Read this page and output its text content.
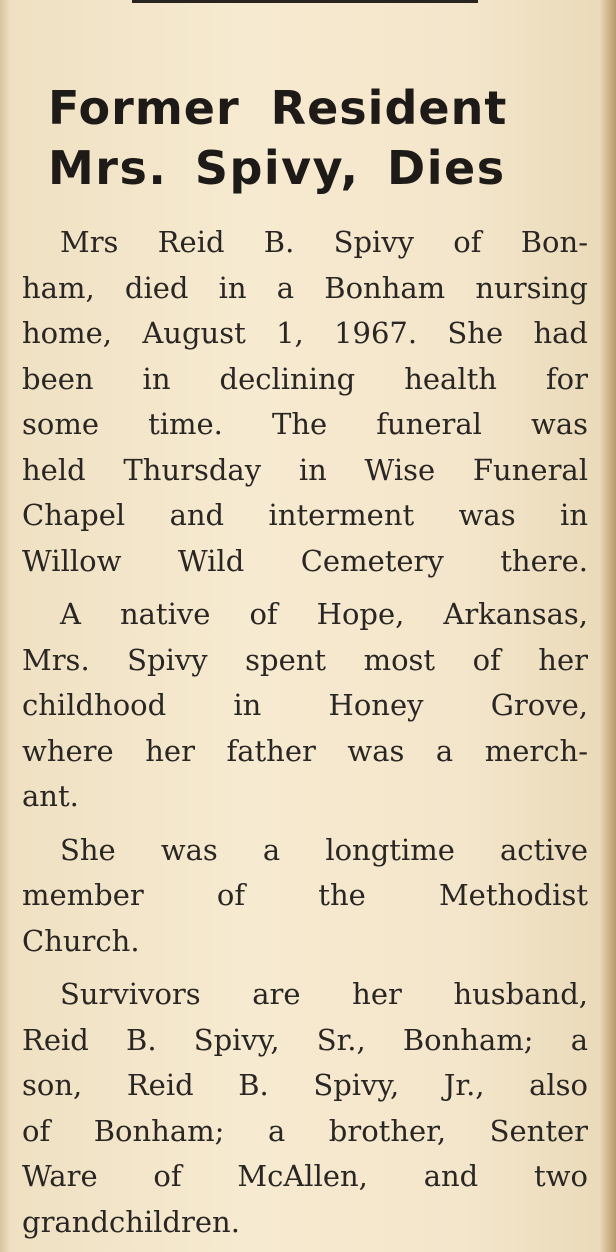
Former Resident
Mrs. Spivy, Dies

Mrs Reid B. Spivy of Bon-
ham, died in a Bonham nursing
home, August 1, 1967. She had
been in declining health for
some time. The funeral was
held Thursday in Wise Funeral
Chapel and interment was in
Willow Wild Cemetery there.

A native of Hope, Arkansas,
Mrs. Spivy spent most of her
childhood in Honey Grove,
where her father was a merch-
ant.

She was a longtime active
member of the Methodist
Church.

Survivors are her husband,
Reid B. Spivy, Sr., Bonham; a
son, Reid B. Spivy, Jr., also
of Bonham; a brother, Senter
Ware of McAllen, and two
grandchildren.
